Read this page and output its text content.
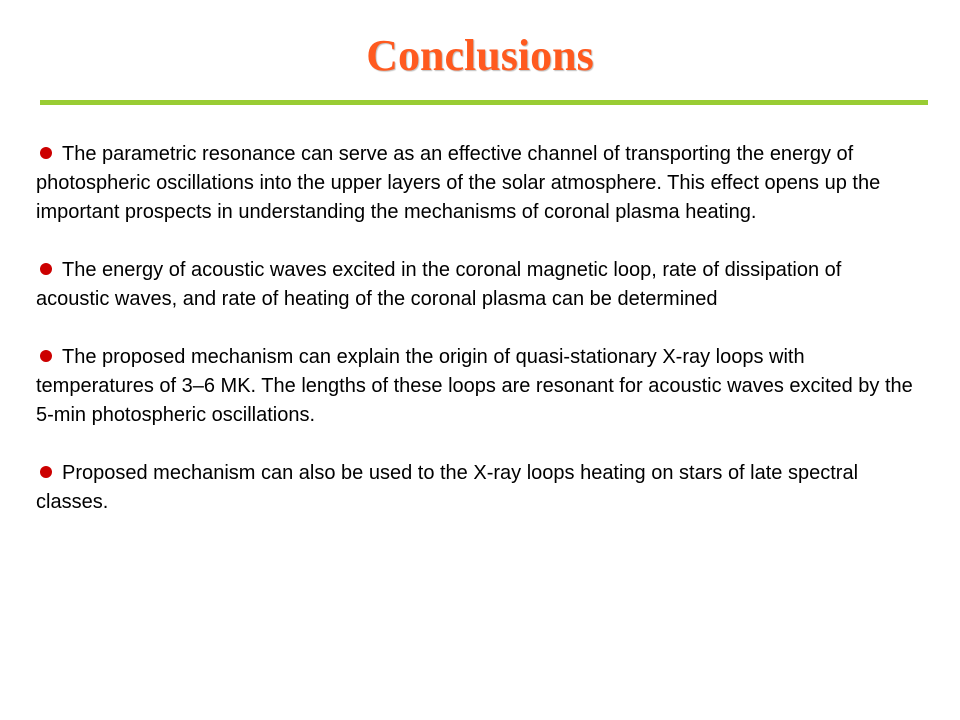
Conclusions
The parametric resonance can serve as an effective channel of transporting the energy of photospheric oscillations into the upper layers of the solar atmosphere. This effect opens up the important prospects in understanding the mechanisms of coronal plasma heating.
The energy of acoustic waves excited in the coronal magnetic loop, rate of dissipation of acoustic waves, and rate of heating of the coronal plasma can be determined
The proposed mechanism can explain the origin of quasi-stationary X-ray loops with temperatures of 3–6 MK. The lengths of these loops are resonant for acoustic waves excited by the 5-min photospheric oscillations.
Proposed mechanism can also be used to the X-ray loops heating on stars of late spectral classes.
